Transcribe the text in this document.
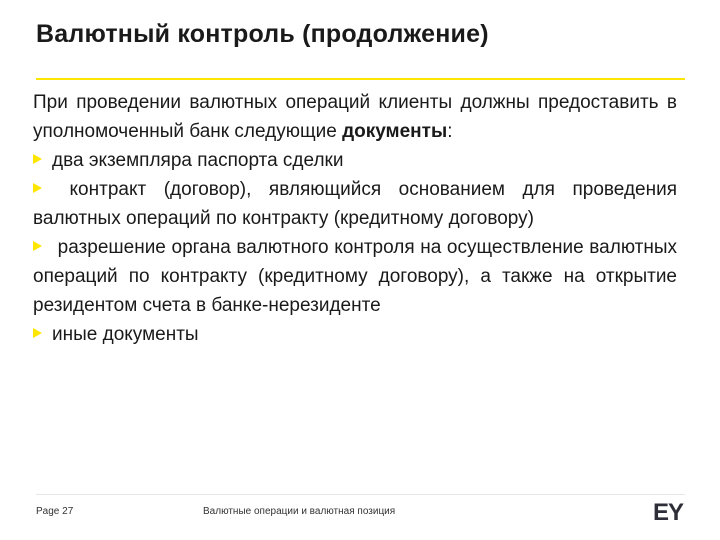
Валютный контроль (продолжение)

При проведении валютных операций клиенты должны предоставить в уполномоченный банк следующие документы:

два экземпляра паспорта сделки

контракт (договор), являющийся основанием для проведения валютных операций по контракту (кредитному договору)

разрешение органа валютного контроля на осуществление валютных операций по контракту (кредитному договору), а также на открытие резидентом счета в банке-нерезиденте

иные документы

Page 27	Валютные операции и валютная позиция	EY
